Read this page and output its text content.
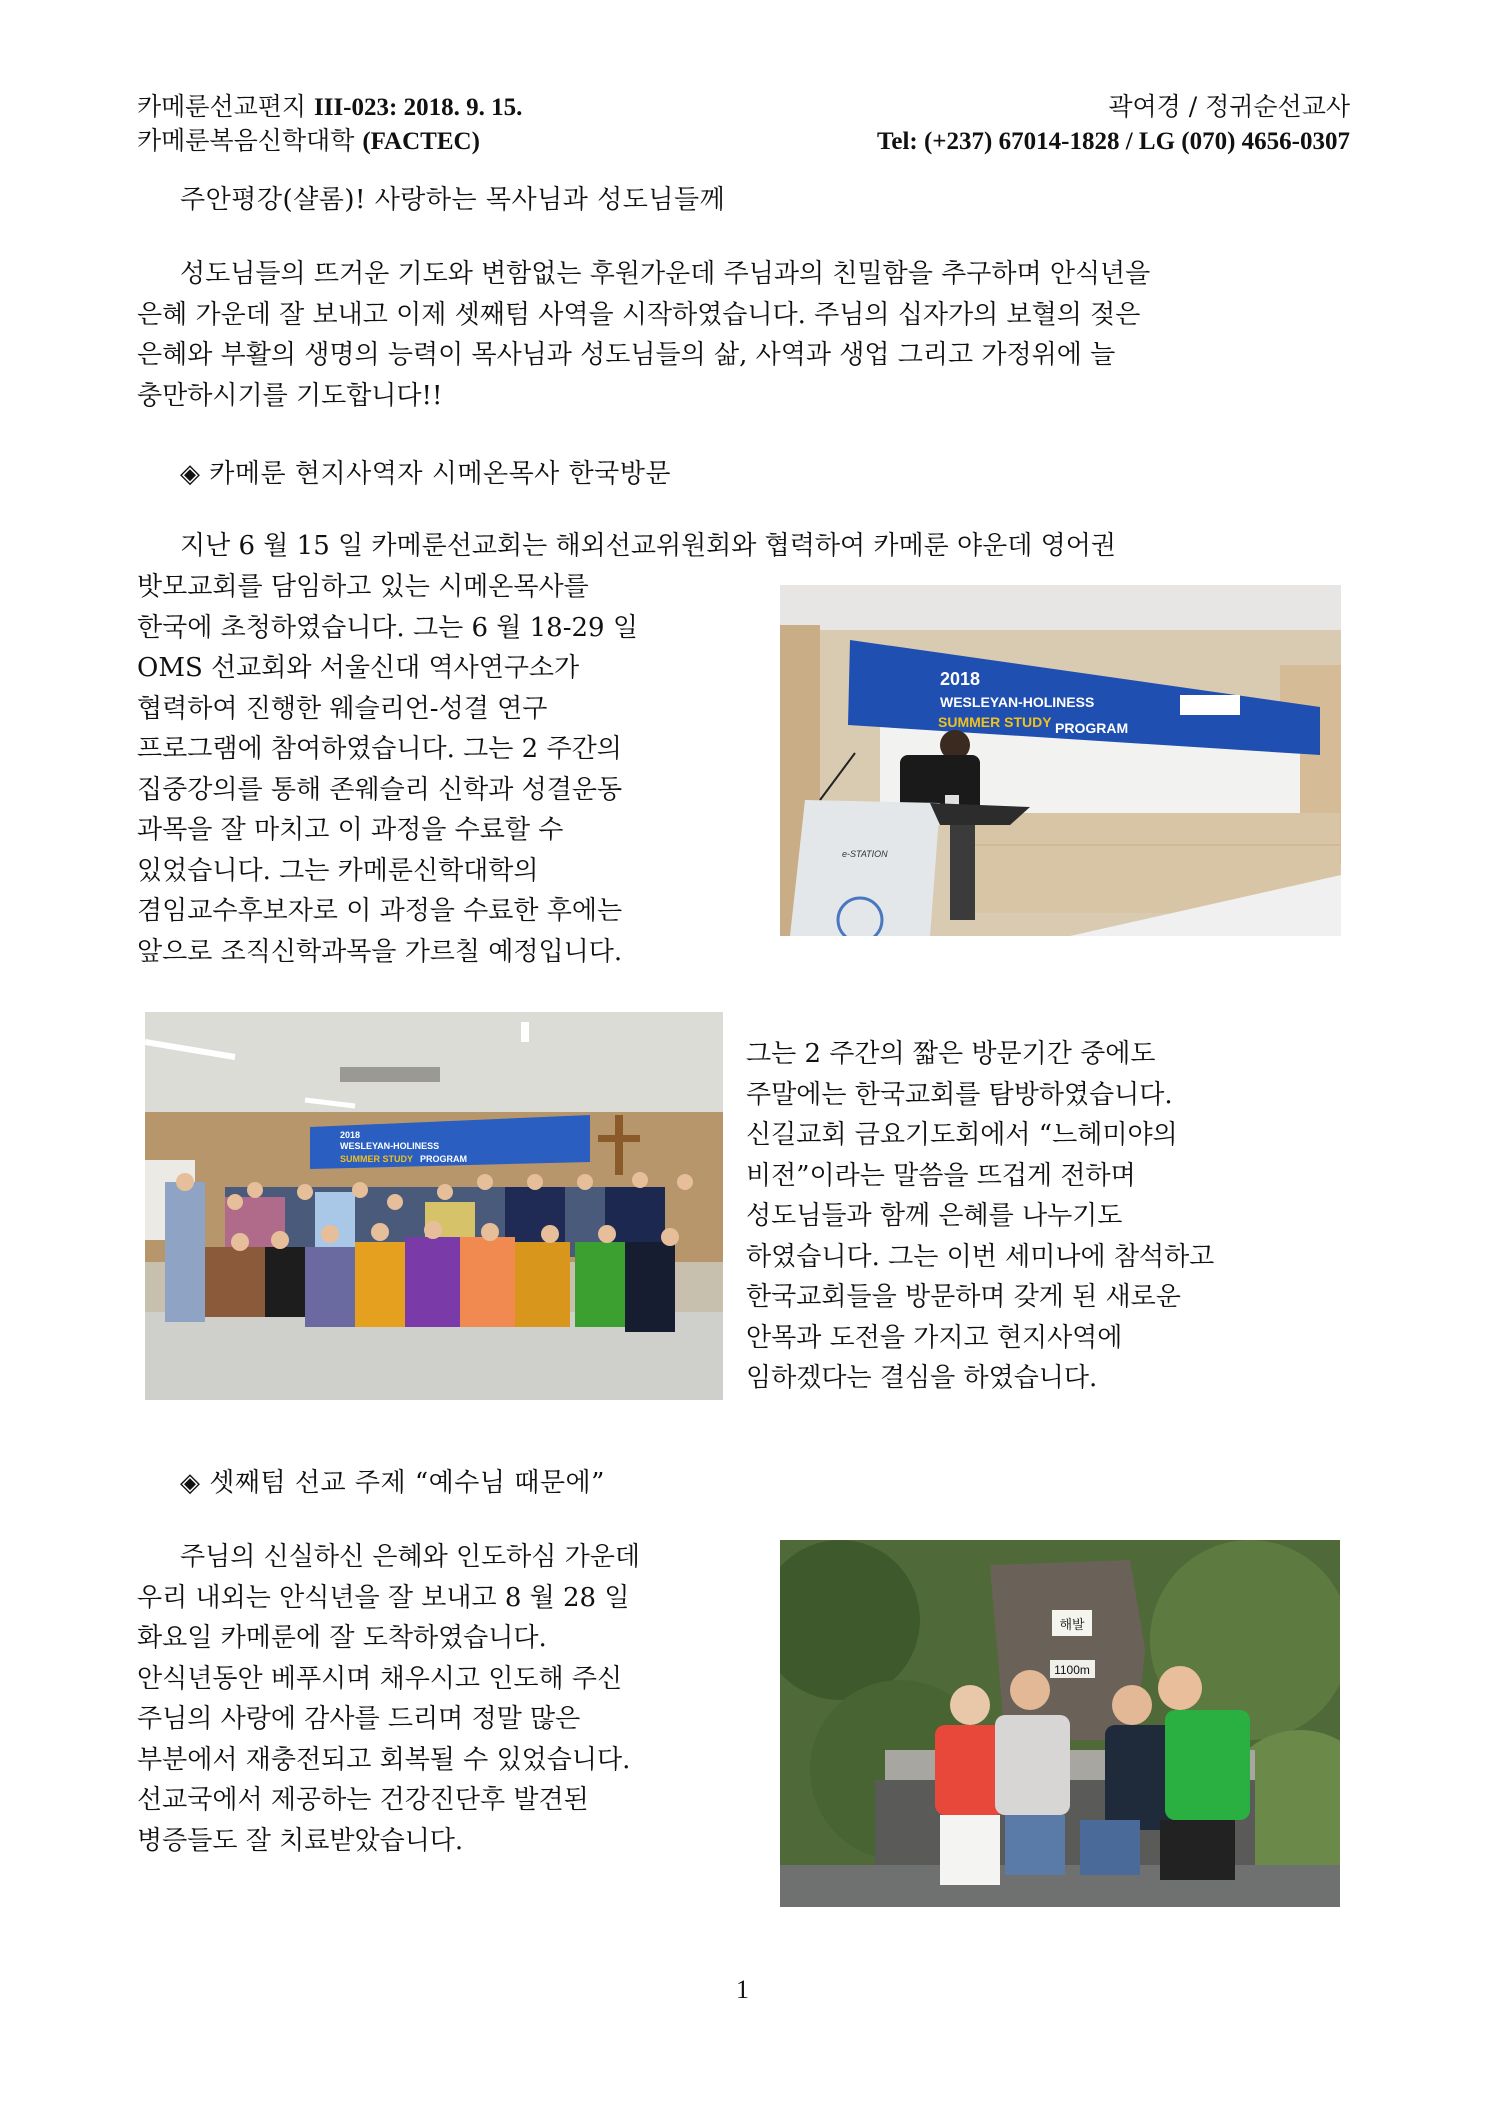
카메룬선교편지 III-023: 2018. 9. 15.
카메룬복음신학대학 (FACTEC)
곽여경 / 정귀순선교사
Tel: (+237) 67014-1828 / LG (070) 4656-0307
주안평강(샬롬)! 사랑하는 목사님과 성도님들께
성도님들의 뜨거운 기도와 변함없는 후원가운데 주님과의 친밀함을 추구하며 안식년을
은혜 가운데 잘 보내고 이제 셋째텀 사역을 시작하였습니다. 주님의 십자가의 보혈의 젖은
은혜와 부활의 생명의 능력이 목사님과 성도님들의 삶, 사역과 생업 그리고 가정위에 늘
충만하시기를 기도합니다!!
◈ 카메룬 현지사역자 시메온목사 한국방문
지난 6 월 15 일 카메룬선교회는 해외선교위원회와 협력하여 카메룬 야운데 영어권
밧모교회를 담임하고 있는 시메온목사를
한국에 초청하였습니다. 그는 6 월 18-29 일
OMS 선교회와 서울신대 역사연구소가
협력하여 진행한 웨슬리언-성결 연구
프로그램에 참여하였습니다. 그는 2 주간의
집중강의를 통해 존웨슬리 신학과 성결운동
과목을 잘 마치고 이 과정을 수료할 수
있었습니다. 그는 카메룬신학대학의
겸임교수후보자로 이 과정을 수료한 후에는
앞으로 조직신학과목을 가르칠 예정입니다.
2018
WESLEYAN-HOLINESS
SUMMER STUDY PROGRAM
e-STATION
2018
WESLEYAN-HOLINESS
SUMMER STUDY PROGRAM
그는 2 주간의 짧은 방문기간 중에도
주말에는 한국교회를 탐방하였습니다.
신길교회 금요기도회에서 “느헤미야의
비전”이라는 말씀을 뜨겁게 전하며
성도님들과 함께 은혜를 나누기도
하였습니다. 그는 이번 세미나에 참석하고
한국교회들을 방문하며 갖게 된 새로운
안목과 도전을 가지고 현지사역에
임하겠다는 결심을 하였습니다.
◈ 셋째텀 선교 주제 “예수님 때문에”
주님의 신실하신 은혜와 인도하심 가운데
우리 내외는 안식년을 잘 보내고 8 월 28 일
화요일 카메룬에 잘 도착하였습니다.
안식년동안 베푸시며 채우시고 인도해 주신
주님의 사랑에 감사를 드리며 정말 많은
부분에서 재충전되고 회복될 수 있었습니다.
선교국에서 제공하는 건강진단후 발견된
병증들도 잘 치료받았습니다.
해발
1100m
1
